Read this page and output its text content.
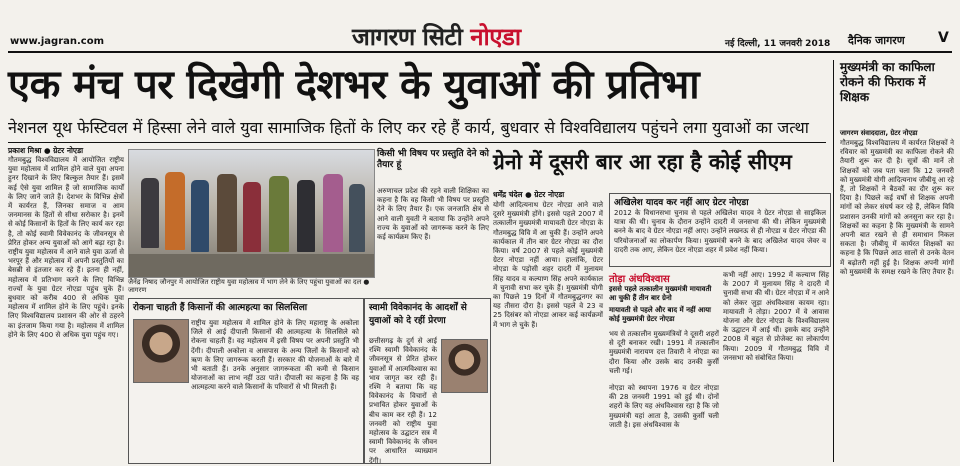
www.jagran.com	जागरण सिटी नोएडा	नई दिल्ली, 11 जनवरी 2018 दैनिक जागरण V
एक मंच पर दिखेगी देशभर के युवाओं की प्रतिभा
नेशनल यूथ फेस्टिवल में हिस्सा लेने वाले युवा सामाजिक हितों के लिए कर रहे हैं कार्य, बुधवार से विश्वविद्यालय पहुंचने लगा युवाओं का जत्था
प्रकाश मिश्रा ● ग्रेटर नोएडा
गौतमबुद्ध विश्वविद्यालय में आयोजित राष्ट्रीय युवा महोत्सव में शामिल होने वाले युवा अपना हुनर दिखाने के लिए बिल्कुल तैयार हैं। इसमें कई ऐसे युवा शामिल हैं जो सामाजिक कार्यों के लिए जाने जाते हैं। देशभर के विभिन्न क्षेत्रों में कार्यरत हैं, जिनका समाज व आम जनमानस के हितों से सीधा सरोकार है। इनमें से कोई किसानों के हितों के लिए कार्य कर रहा है, तो कोई स्वामी विवेकानंद के जीवनसूत्र से प्रेरित होकर अन्य युवाओं को आगे बढ़ा रहा है। राष्ट्रीय युवा महोत्सव में आने वाले युवा ऊर्जा से भरपूर हैं और महोत्सव में अपनी प्रस्तुतियों का बेसब्री से इंतजार कर रहे हैं। इतना ही नहीं, महोत्सव में प्रतिभाग करने के लिए विभिन्न राज्यों के युवा ग्रेटर नोएडा पहुंच चुके हैं। बुधवार को करीब 400 से अधिक युवा महोत्सव में शामिल होने के लिए पहुंचे। इनके लिए विश्वविद्यालय प्रशासन की ओर से ठहरने का इंतजाम किया गया है। महोत्सव में शामिल होने के लिए 400 से अधिक युवा पहुंच गए।
जैनेंद्र निषाद जौनपुर में आयोजित राष्ट्रीय युवा महोत्सव में भाग लेने के लिए पहुंचा युवाओं का दल ● जागरण
किसी भी विषय पर प्रस्तुति देने को तैयार हूं
अरुणाचल प्रदेश की रहने वाली शिक्षिका का कहना है कि वह किसी भी विषय पर प्रस्तुति देने के लिए तैयार हैं। एक जनजाति क्षेत्र से आने वाली युवती ने बताया कि उन्होंने अपने राज्य के युवाओं को जागरूक करने के लिए कई कार्यक्रम किए हैं।
रोकना चाहती हैं किसानों की आत्महत्या का सिलसिला
राष्ट्रीय युवा महोत्सव में शामिल होने के लिए महाराष्ट्र के अकोला जिले से आई दीपाली किसानों की आत्महत्या के सिलसिले को रोकना चाहती हैं। वह महोत्सव में इसी विषय पर अपनी प्रस्तुति भी देंगी। दीपाली अकोला व आसपास के अन्य जिलों के किसानों को ऋण के लिए जागरूक करती हैं। सरकार की योजनाओं के बारे में भी बताती हैं। उनके अनुसार जागरूकता की कमी से किसान योजनाओं का लाभ नहीं उठा पाते। दीपाली का कहना है कि वह आत्महत्या करने वाले किसानों के परिवारों से भी मिलती हैं।
स्वामी विवेकानंद के आदर्शों से युवाओं को दे रहीं प्रेरणा
छत्तीसगढ़ के दुर्ग से आई रश्मि स्वामी विवेकानंद के जीवनसूत्र से प्रेरित होकर युवाओं में आत्मविश्वास का भाव जागृत कर रही हैं। रश्मि ने बताया कि वह विवेकानंद के विचारों से प्रभावित होकर युवाओं के बीच काम कर रही हैं। 12 जनवरी को राष्ट्रीय युवा महोत्सव के उद्घाटन सत्र में स्वामी विवेकानंद के जीवन पर आधारित व्याख्यान देंगी।
ग्रेनो में दूसरी बार आ रहा है कोई सीएम
धर्मेंद्र चंदेल ● ग्रेटर नोएडा
योगी आदित्यनाथ ग्रेटर नोएडा आने वाले दूसरे मुख्यमंत्री होंगे। इससे पहले 2007 में तत्कालीन मुख्यमंत्री मायावती ग्रेटर नोएडा के गौतमबुद्ध विवि में आ चुकी हैं। उन्होंने अपने कार्यकाल में तीन बार ग्रेटर नोएडा का दौरा किया। वर्ष 2007 से पहले कोई मुख्यमंत्री ग्रेटर नोएडा नहीं आया। हालांकि, ग्रेटर नोएडा के पड़ोसी शहर दादरी में मुलायम सिंह यादव व कल्याण सिंह अपने कार्यकाल में चुनावी सभा कर चुके हैं। मुख्यमंत्री योगी का पिछले 19 दिनों में गौतमबुद्धनगर का यह तीसरा दौरा है। इससे पहले वे 23 व 25 दिसंबर को नोएडा आकर कई कार्यक्रमों में भाग ले चुके हैं।
अखिलेश यादव कर नहीं आए ग्रेटर नोएडा
2012 के विधानसभा चुनाव से पहले अखिलेश यादव ने ग्रेटर नोएडा से साइकिल यात्रा की थी। चुनाव के दौरान उन्होंने दादरी में जनसभा की थी। लेकिन मुख्यमंत्री बनने के बाद वे ग्रेटर नोएडा नहीं आए। उन्होंने लखनऊ से ही नोएडा व ग्रेटर नोएडा की परियोजनाओं का लोकार्पण किया। मुख्यमंत्री बनने के बाद अखिलेश यादव जेवर व दादरी तक आए, लेकिन ग्रेटर नोएडा शहर में प्रवेश नहीं किया।
तोड़ा अंधविश्वास
इससे पहले तत्कालीन मुख्यमंत्री मायावती आ चुकी हैं तीन बार ग्रेनो
मायावती से पहले और बाद में नहीं आया कोई मुख्यमंत्री ग्रेटर नोएडा
भय से तत्कालीन मुख्यमंत्रियों ने दूसरी शहरों से दूरी बनाकर रखी। 1991 में तत्कालीन मुख्यमंत्री नारायण दत्त तिवारी ने नोएडा का दौरा किया और उसके बाद उनकी कुर्सी चली गई।
नोएडा को स्थापना 1976 व ग्रेटर नोएडा की 28 जनवरी 1991 को हुई थी। दोनों शहरों के लिए यह अंधविश्वास रहा है कि जो मुख्यमंत्री यहां आता है, उसकी कुर्सी चली जाती है। इस अंधविश्वास के
कभी नहीं आए। 1992 में कल्याण सिंह के 2007 में मुलायम सिंह ने दादरी में चुनावी सभा की थी। ग्रेटर नोएडा में न आने को लेकर जुड़ा अंधविश्वास कायम रहा। मायावती ने तोड़ा। 2007 में वे आवास योजना और ग्रेटर नोएडा के विश्वविद्यालय के उद्घाटन में आई थीं। इसके बाद उन्होंने 2008 में बहुत से प्रोजेक्ट का लोकार्पण किया। 2009 में गौतमबुद्ध विवि में जनसभा को संबोधित किया।
मुख्यमंत्री का काफिला रोकने की फिराक में शिक्षक
जागरण संवाददाता, ग्रेटर नोएडा
गौतमबुद्ध विश्वविद्यालय में कार्यरत शिक्षकों ने रविवार को मुख्यमंत्री का काफिला रोकने की तैयारी शुरू कर दी है। सूत्रों की मानें तो शिक्षकों को जब पता चला कि 12 जनवरी को मुख्यमंत्री योगी आदित्यनाथ जीबीयू आ रहे हैं, तो शिक्षकों ने बैठकों का दौर शुरू कर दिया है। पिछले कई वर्षों से शिक्षक अपनी मांगों को लेकर संघर्ष कर रहे हैं, लेकिन विवि प्रशासन उनकी मांगों को अनसुना कर रहा है। शिक्षकों का कहना है कि मुख्यमंत्री के सामने अपनी बात रखने से ही समाधान निकल सकता है। जीबीयू में कार्यरत शिक्षकों का कहना है कि पिछले आठ सालों से उनके वेतन में बढ़ोतरी नहीं हुई है। शिक्षक अपनी मांगों को मुख्यमंत्री के समक्ष रखने के लिए तैयार हैं।
